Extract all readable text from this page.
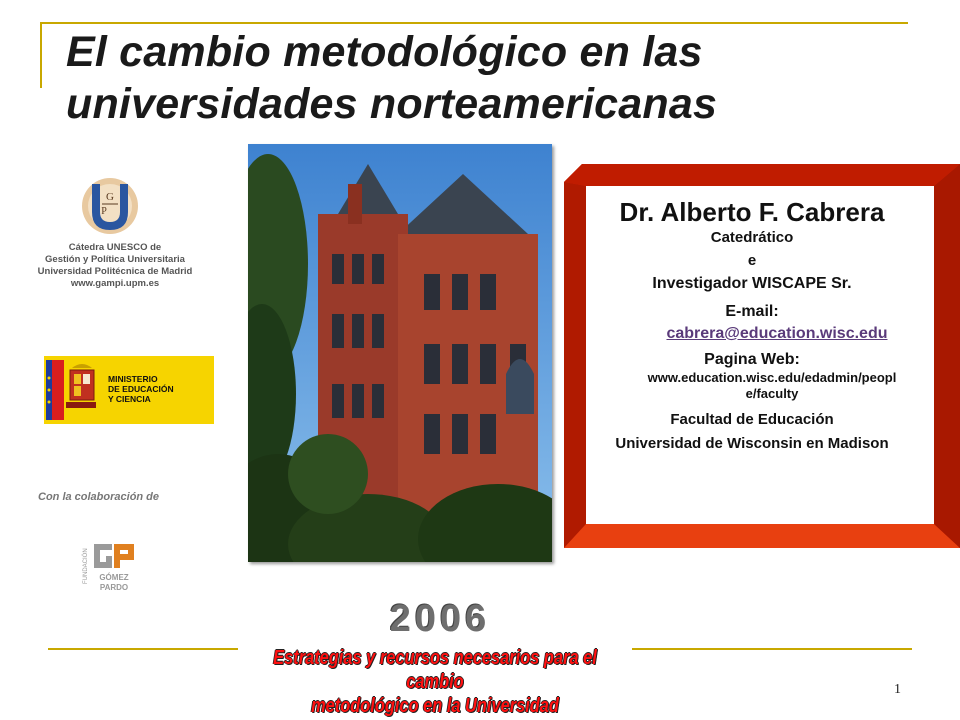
El cambio metodológico en las
universidades norteamericanas
G
P
Cátedra UNESCO de
Gestión y Política Universitaria
Universidad Politécnica de Madrid
www.gampi.upm.es
MINISTERIO
DE EDUCACIÓN
Y CIENCIA
Con la colaboración de
FUNDACIÓN GÓMEZ
PARDO
Dr. Alberto F. Cabrera
Catedrático
e
Investigador WISCAPE Sr.
E-mail:
cabrera@education.wisc.edu
Pagina Web:
www.education.wisc.edu/edadmin/peopl
e/faculty
Facultad de Educación
Universidad de Wisconsin en Madison
2006
Estrategias y recursos necesarios para el cambio
metodológico en la Universidad
1
